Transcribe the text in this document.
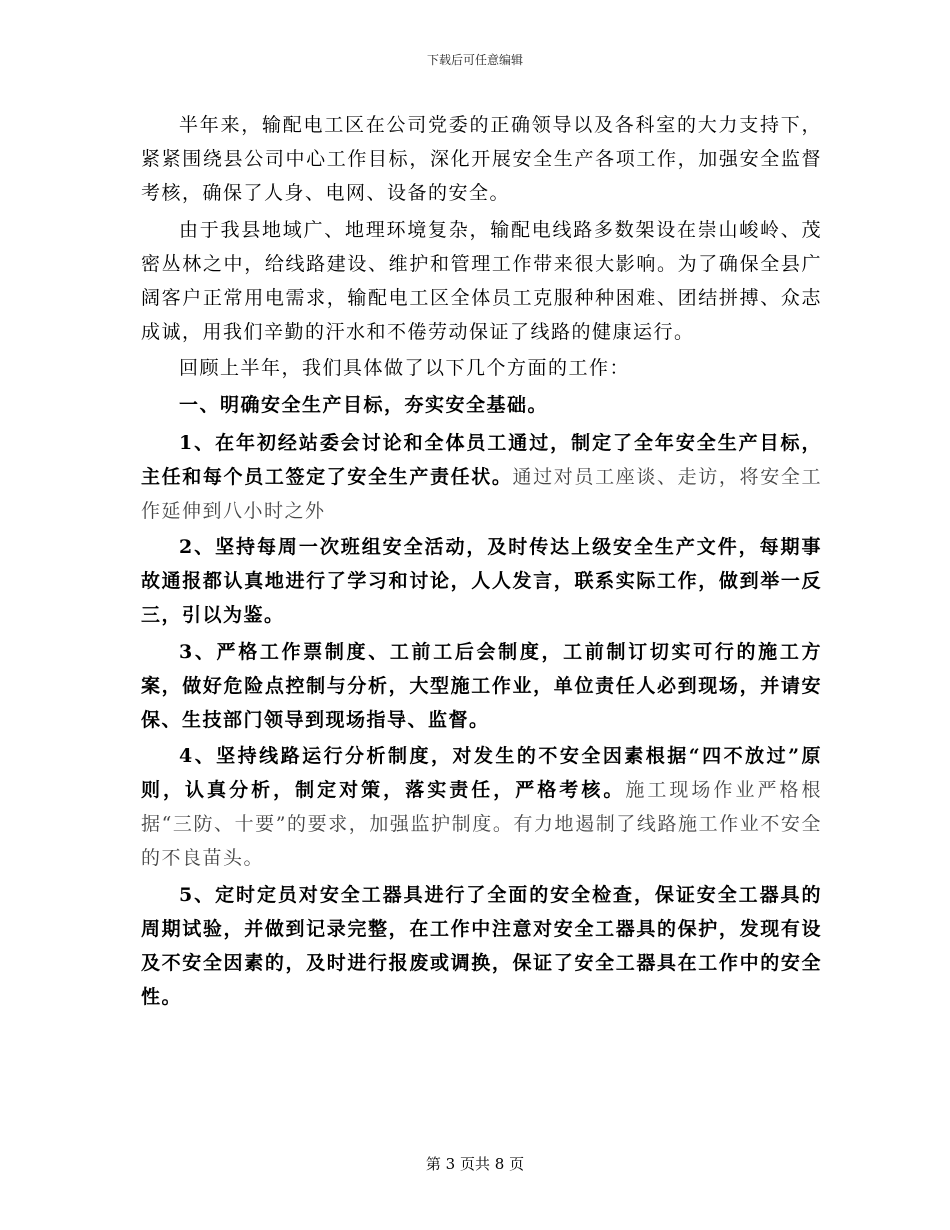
下载后可任意编辑

半年来，输配电工区在公司党委的正确领导以及各科室的大力支持下，紧紧围绕县公司中心工作目标，深化开展安全生产各项工作，加强安全监督考核，确保了人身、电网、设备的安全。

由于我县地域广、地理环境复杂，输配电线路多数架设在崇山峻岭、茂密丛林之中，给线路建设、维护和管理工作带来很大影响。为了确保全县广阔客户正常用电需求，输配电工区全体员工克服种种困难、团结拼搏、众志成诚，用我们辛勤的汗水和不倦劳动保证了线路的健康运行。

回顾上半年，我们具体做了以下几个方面的工作：

一、明确安全生产目标，夯实安全基础。

1、在年初经站委会讨论和全体员工通过，制定了全年安全生产目标，主任和每个员工签定了安全生产责任状。通过对员工座谈、走访，将安全工作延伸到八小时之外

2、坚持每周一次班组安全活动，及时传达上级安全生产文件，每期事故通报都认真地进行了学习和讨论，人人发言，联系实际工作，做到举一反三，引以为鉴。

3、严格工作票制度、工前工后会制度，工前制订切实可行的施工方案，做好危险点控制与分析，大型施工作业，单位责任人必到现场，并请安保、生技部门领导到现场指导、监督。

4、坚持线路运行分析制度，对发生的不安全因素根据“四不放过”原则，认真分析，制定对策，落实责任，严格考核。施工现场作业严格根据“三防、十要”的要求，加强监护制度。有力地遏制了线路施工作业不安全的不良苗头。

5、定时定员对安全工器具进行了全面的安全检查，保证安全工器具的周期试验，并做到记录完整，在工作中注意对安全工器具的保护，发现有设及不安全因素的，及时进行报废或调换，保证了安全工器具在工作中的安全性。

第 3 页共 8 页
